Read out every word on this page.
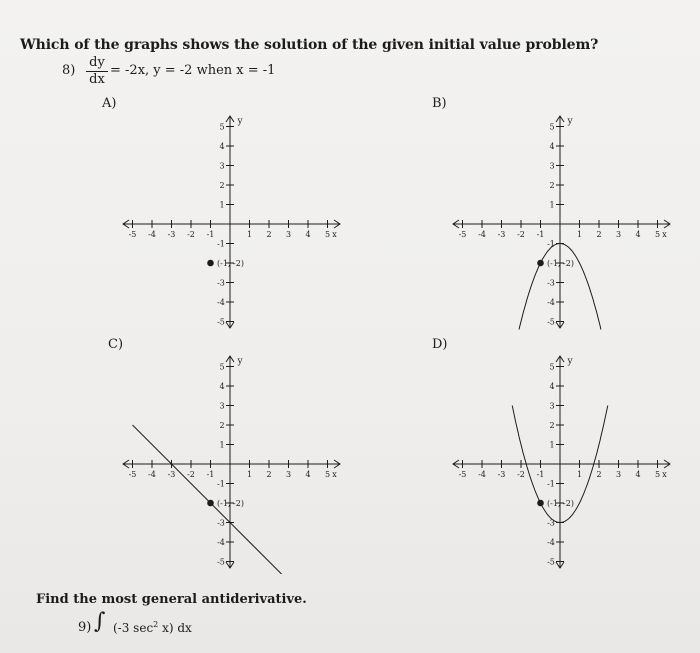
Which of the graphs shows the solution of the given initial value problem?
8)
dy
dx
= -2x, y = -2 when x = -1
A)	B)
C)	D)
-5 -4 -3 -2 -1	1 2 3 4 5 x
5
4
3
2
1
-1
-3
-4
-5
y
(-1, -2)
-5 -4 -3 -2 -1	1 2 3 4 5 x
5
4
3
2
1
-1
-3
-4
-5
y
(-1, -2)
-5 -4 -3 -2 -1	1 2 3 4 5 x
5
4
3
2
1
-1
-3
-4
-5
y
(-1, -2)
-5 -4 -3 -2 -1	1 2 3 4 5 x
5
4
3
2
1
-1
-3
-4
-5
y
(-1, -2)
Find the most general antiderivative.
9) ∫ (-3 $\sec^2 x$) dx
